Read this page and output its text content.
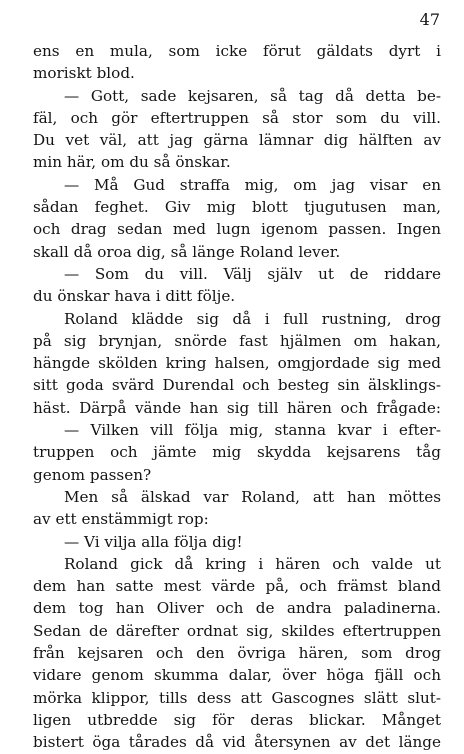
47
ens en mula, som icke förut gäldats dyrt i
moriskt blod.
— Gott, sade kejsaren, så tag då detta be-
fäl, och gör eftertruppen så stor som du vill.
Du vet väl, att jag gärna lämnar dig hälften av
min här, om du så önskar.
— Må Gud straffa mig, om jag visar en
sådan feghet. Giv mig blott tjugutusen man,
och drag sedan med lugn igenom passen. Ingen
skall då oroa dig, så länge Roland lever.
— Som du vill. Välj själv ut de riddare
du önskar hava i ditt följe.
Roland klädde sig då i full rustning, drog
på sig brynjan, snörde fast hjälmen om hakan,
hängde skölden kring halsen, omgjordade sig med
sitt goda svärd Durendal och besteg sin älsklings-
häst. Därpå vände han sig till hären och frågade:
— Vilken vill följa mig, stanna kvar i efter-
truppen och jämte mig skydda kejsarens tåg
genom passen?
Men så älskad var Roland, att han möttes
av ett enstämmigt rop:
— Vi vilja alla följa dig!
Roland gick då kring i hären och valde ut
dem han satte mest värde på, och främst bland
dem tog han Oliver och de andra paladinerna.
Sedan de därefter ordnat sig, skildes eftertruppen
från kejsaren och den övriga hären, som drog
vidare genom skumma dalar, över höga fjäll och
mörka klippor, tills dess att Gascognes slätt slut-
ligen utbredde sig för deras blickar. Månget
bistert öga tårades då vid återsynen av det länge
